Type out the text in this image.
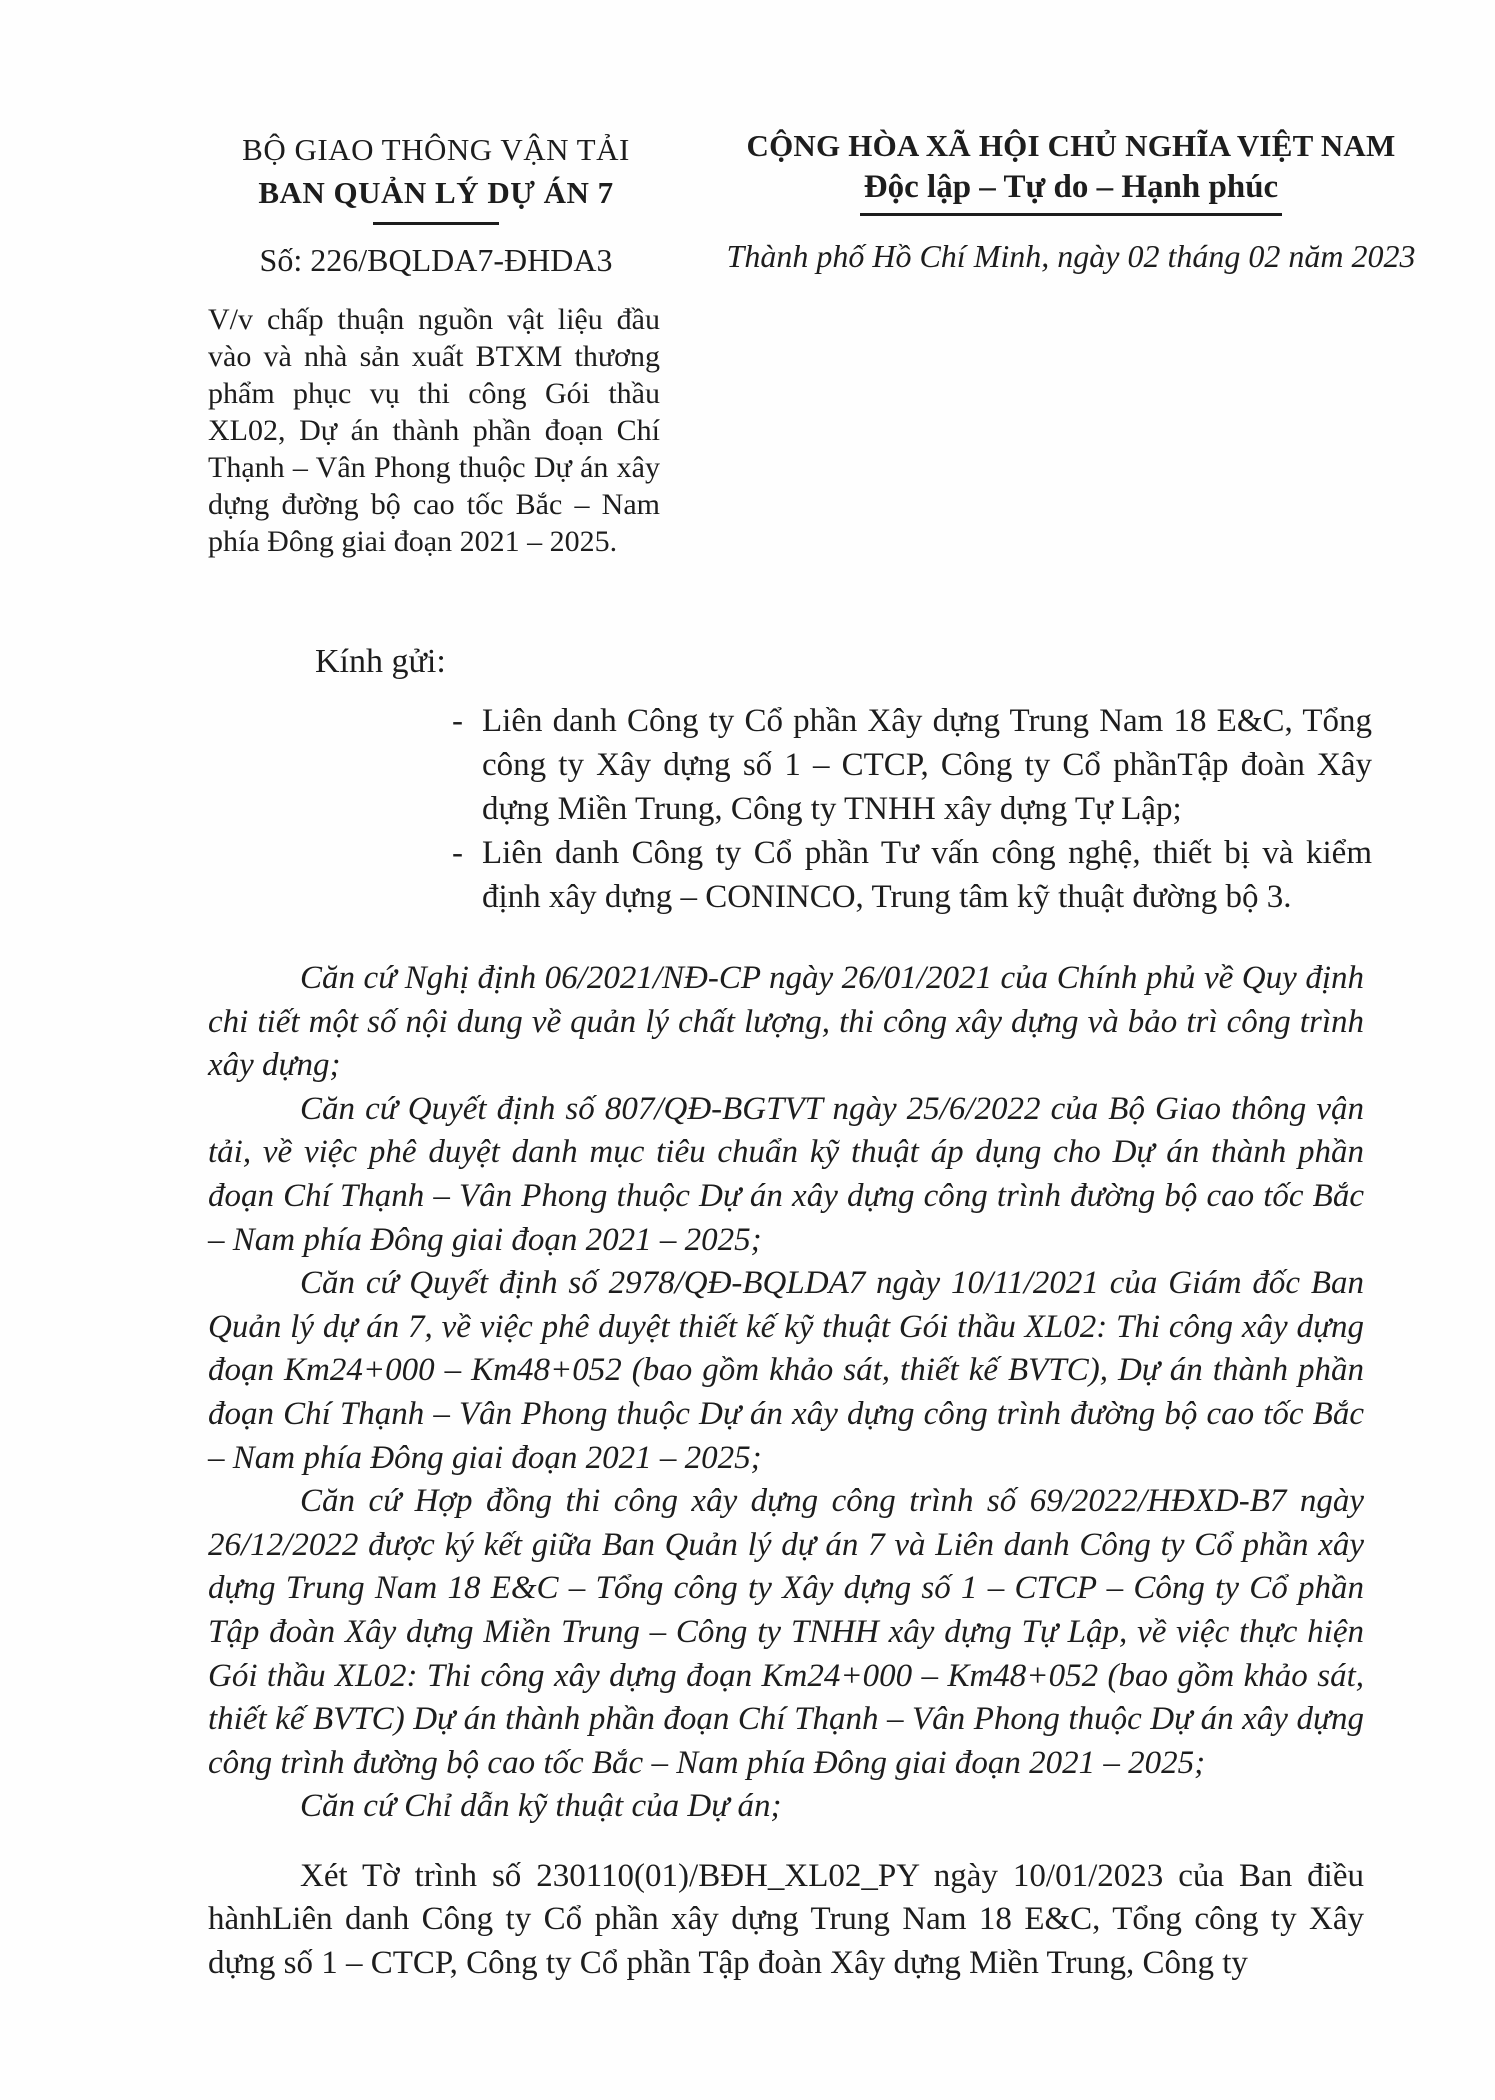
BỘ GIAO THÔNG VẬN TẢI
BAN QUẢN LÝ DỰ ÁN 7
Số: 226/BQLDA7-ĐHDA3
CỘNG HÒA XÃ HỘI CHỦ NGHĨA VIỆT NAM
Độc lập – Tự do – Hạnh phúc
Thành phố Hồ Chí Minh, ngày 02 tháng 02 năm 2023
V/v chấp thuận nguồn vật liệu đầu vào và nhà sản xuất BTXM thương phẩm phục vụ thi công Gói thầu XL02, Dự án thành phần đoạn Chí Thạnh – Vân Phong thuộc Dự án xây dựng đường bộ cao tốc Bắc – Nam phía Đông giai đoạn 2021 – 2025.
Kính gửi:
- Liên danh Công ty Cổ phần Xây dựng Trung Nam 18 E&C, Tổng công ty Xây dựng số 1 – CTCP, Công ty Cổ phầnTập đoàn Xây dựng Miền Trung, Công ty TNHH xây dựng Tự Lập;
- Liên danh Công ty Cổ phần Tư vấn công nghệ, thiết bị và kiểm định xây dựng – CONINCO, Trung tâm kỹ thuật đường bộ 3.

Căn cứ Nghị định 06/2021/NĐ-CP ngày 26/01/2021 của Chính phủ về Quy định chi tiết một số nội dung về quản lý chất lượng, thi công xây dựng và bảo trì công trình xây dựng;

Căn cứ Quyết định số 807/QĐ-BGTVT ngày 25/6/2022 của Bộ Giao thông vận tải, về việc phê duyệt danh mục tiêu chuẩn kỹ thuật áp dụng cho Dự án thành phần đoạn Chí Thạnh – Vân Phong thuộc Dự án xây dựng công trình đường bộ cao tốc Bắc – Nam phía Đông giai đoạn 2021 – 2025;

Căn cứ Quyết định số 2978/QĐ-BQLDA7 ngày 10/11/2021 của Giám đốc Ban Quản lý dự án 7, về việc phê duyệt thiết kế kỹ thuật Gói thầu XL02: Thi công xây dựng đoạn Km24+000 – Km48+052 (bao gồm khảo sát, thiết kế BVTC), Dự án thành phần đoạn Chí Thạnh – Vân Phong thuộc Dự án xây dựng công trình đường bộ cao tốc Bắc – Nam phía Đông giai đoạn 2021 – 2025;

Căn cứ Hợp đồng thi công xây dựng công trình số 69/2022/HĐXD-B7 ngày 26/12/2022 được ký kết giữa Ban Quản lý dự án 7 và Liên danh Công ty Cổ phần xây dựng Trung Nam 18 E&C – Tổng công ty Xây dựng số 1 – CTCP – Công ty Cổ phần Tập đoàn Xây dựng Miền Trung – Công ty TNHH xây dựng Tự Lập, về việc thực hiện Gói thầu XL02: Thi công xây dựng đoạn Km24+000 – Km48+052 (bao gồm khảo sát, thiết kế BVTC) Dự án thành phần đoạn Chí Thạnh – Vân Phong thuộc Dự án xây dựng công trình đường bộ cao tốc Bắc – Nam phía Đông giai đoạn 2021 – 2025;

Căn cứ Chỉ dẫn kỹ thuật của Dự án;

Xét Tờ trình số 230110(01)/BĐH_XL02_PY ngày 10/01/2023 của Ban điều hànhLiên danh Công ty Cổ phần xây dựng Trung Nam 18 E&C, Tổng công ty Xây dựng số 1 – CTCP, Công ty Cổ phần Tập đoàn Xây dựng Miền Trung, Công ty
